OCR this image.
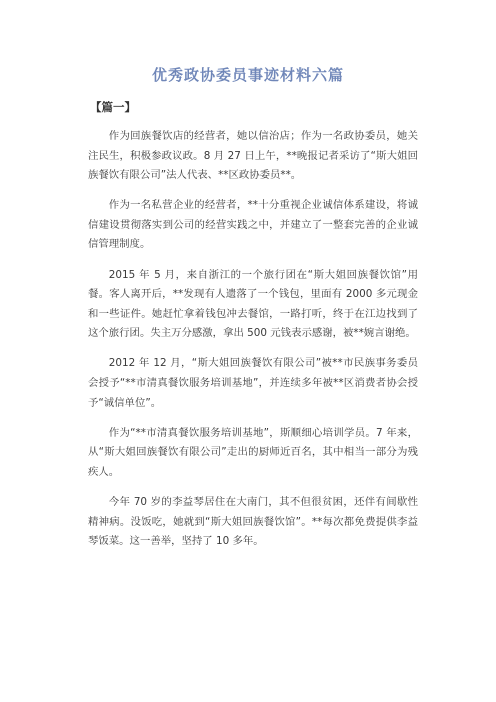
优秀政协委员事迹材料六篇

【篇一】

作为回族餐饮店的经营者，她以信治店；作为一名政协委员，她关注民生，积极参政议政。8 月 27 日上午，**晚报记者采访了“斯大姐回族餐饮有限公司”法人代表、**区政协委员**。

作为一名私营企业的经营者，**十分重视企业诚信体系建设，将诚信建设贯彻落实到公司的经营实践之中，并建立了一整套完善的企业诚信管理制度。

2015 年 5 月，来自浙江的一个旅行团在“斯大姐回族餐饮馆”用餐。客人离开后，**发现有人遗落了一个钱包，里面有 2000 多元现金和一些证件。她赶忙拿着钱包冲去餐馆，一路打听，终于在江边找到了这个旅行团。失主万分感激，拿出 500 元钱表示感谢，被**婉言谢绝。

2012 年 12 月，“斯大姐回族餐饮有限公司”被**市民族事务委员会授予“**市清真餐饮服务培训基地”，并连续多年被**区消费者协会授予“诚信单位”。

作为“**市清真餐饮服务培训基地”，斯顺细心培训学员。7 年来，从“斯大姐回族餐饮有限公司”走出的厨师近百名，其中相当一部分为残疾人。

今年 70 岁的李益琴居住在大南门，其不但很贫困，还伴有间歇性精神病。没饭吃，她就到“斯大姐回族餐饮馆”。**每次都免费提供李益琴饭菜。这一善举，坚持了 10 多年。
